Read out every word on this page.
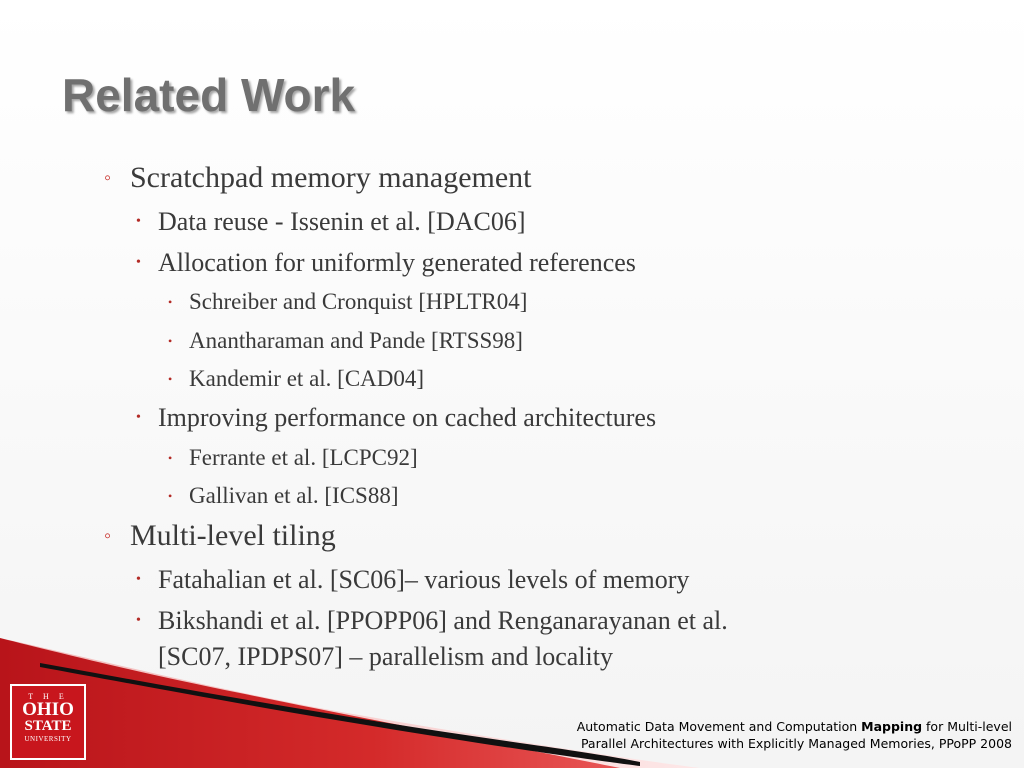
Related Work
◦ Scratchpad memory management
• Data reuse - Issenin et al. [DAC06]
• Allocation for uniformly generated references
• Schreiber and Cronquist [HPLTR04]
• Anantharaman and Pande [RTSS98]
• Kandemir et al. [CAD04]
• Improving performance on cached architectures
• Ferrante et al. [LCPC92]
• Gallivan et al. [ICS88]
◦ Multi-level tiling
• Fatahalian et al. [SC06]– various levels of memory
• Bikshandi et al. [PPOPP06] and Renganarayanan et al.
[SC07, IPDPS07] – parallelism and locality
T H E
OHIO
STATE
UNIVERSITY
Automatic Data Movement and Computation Mapping for Multi-level
Parallel Architectures with Explicitly Managed Memories, PPoPP 2008
